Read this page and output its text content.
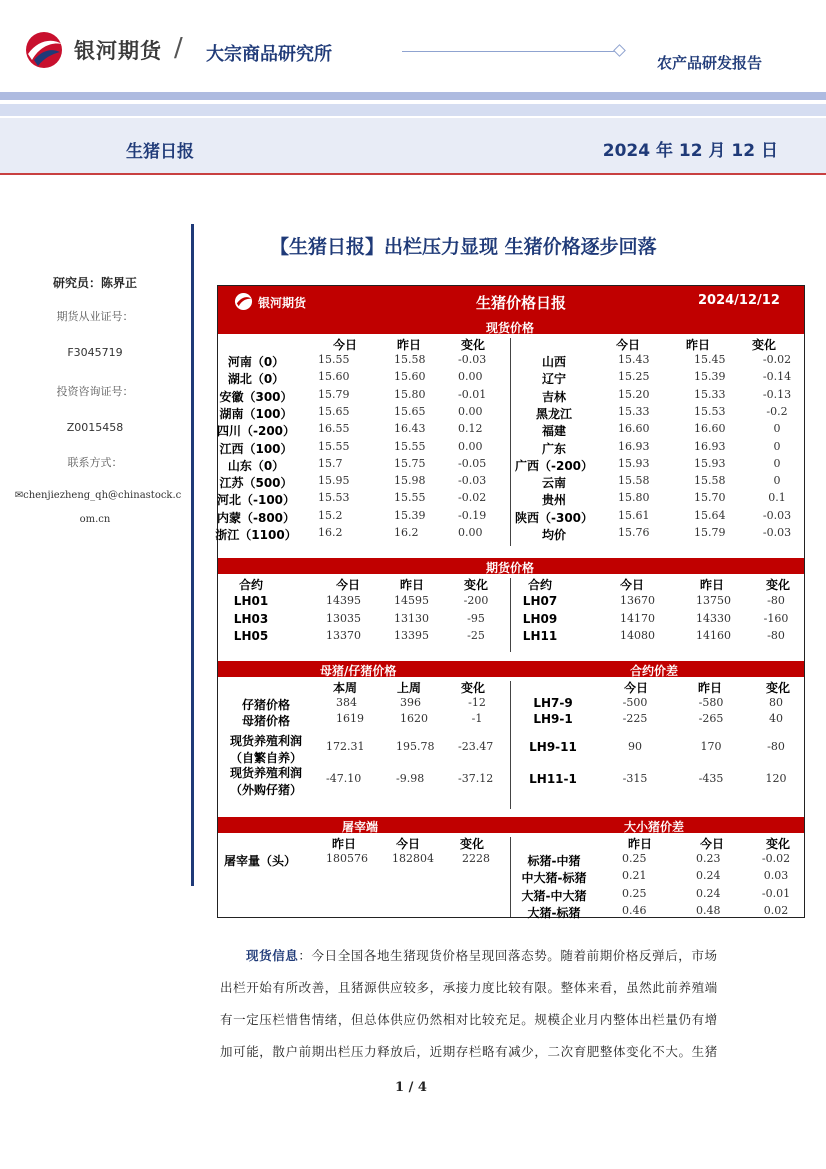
银河期货 / 大宗商品研究所	农产品研发报告
生猪日报	2024 年 12 月 12 日
研究员：陈界正
期货从业证号：
F3045719
投资咨询证号：
Z0015458
联系方式：
✉chenjiezheng_qh@chinastock.c
om.cn
【生猪日报】出栏压力显现 生猪价格逐步回落
银河期货	生猪价格日报	2024/12/12
现货价格
期货价格
母猪/仔猪价格	合约价差
屠宰端	大小猪价差
今日	今日
昨日	昨日
变化	变化
河南（0）	15.55	15.58	-0.03
湖北（0）	15.60	15.60	0.00
安徽（300）	15.79	15.80	-0.01
湖南（100）	15.65	15.65	0.00
四川（-200）	16.55	16.43	0.12
江西（100）	15.55	15.55	0.00
山东（0）	15.7	15.75	-0.05
江苏（500）	15.95	15.98	-0.03
河北（-100）	15.53	15.55	-0.02
内蒙（-800）	15.2	15.39	-0.19
浙江（1100） 16.2	16.2	0.00
山西	15.43	15.45	-0.02
辽宁	15.25	15.39	-0.14
吉林	15.20	15.33	-0.13
黑龙江	15.33	15.53	-0.2
福建	16.60	16.60	0
广东	16.93	16.93	0
广西（-200） 15.93	15.93	0
云南	15.58	15.58	0
贵州	15.80	15.70	0.1
陕西（-300） 15.61	15.64	-0.03
均价	15.76	15.79	-0.03
合约	合约
今日	今日
昨日	昨日
变化	变化
LH01	14395	14595	-200
LH03	13035	13130	-95
LH05	13370	13395	-25
LH07	13670	13750	-80
LH09	14170	14330	-160
LH11	14080	14160	-80
本周	上周	变化
仔猪价格	384	396	-12
母猪价格	1619	1620	-1
现货养殖利润
（自繁自养）
172.31	195.78 -23.47
现货养殖利润
（外购仔猪）
-47.10	-9.98	-37.12
今日	昨日	变化
LH7-9	-500	-580	80
LH9-1	-225	-265	40
LH9-11	90	170	-80
LH11-1	-315	-435	120
昨日	今日	变化
屠宰量（头）	180576 182804	2228
昨日	今日	变化
标猪-中猪	0.25	0.23	-0.02
中大猪-标猪	0.21	0.24	0.03
大猪-中大猪	0.25	0.24	-0.01
大猪-标猪	0.46	0.48	0.02
现货信息：今日全国各地生猪现货价格呈现回落态势。随着前期价格反弹后，市场
出栏开始有所改善，且猪源供应较多，承接力度比较有限。整体来看，虽然此前养殖端
有一定压栏惜售情绪，但总体供应仍然相对比较充足。规模企业月内整体出栏量仍有增
加可能，散户前期出栏压力释放后，近期存栏略有减少，二次育肥整体变化不大。生猪
1 / 4
